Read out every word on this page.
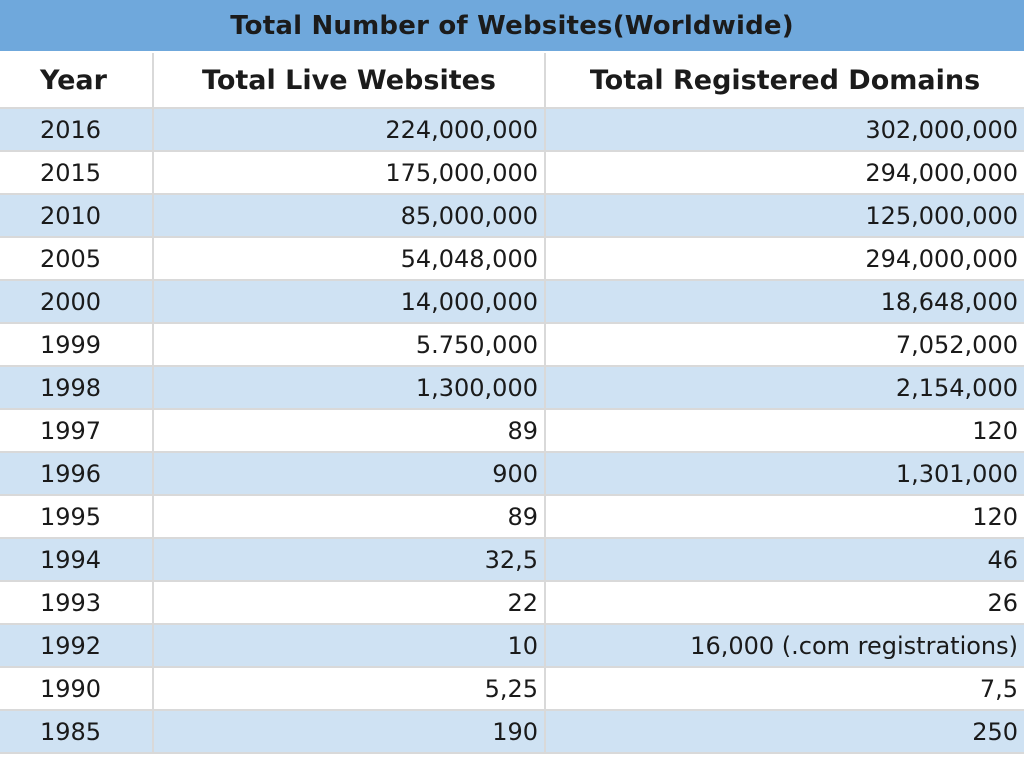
Total Number of Websites(Worldwide)
Year	Total Live Websites	Total Registered Domains
2016	224,000,000	302,000,000
2015	175,000,000	294,000,000
2010	85,000,000	125,000,000
2005	54,048,000	294,000,000
2000	14,000,000	18,648,000
1999	5.750,000	7,052,000
1998	1,300,000	2,154,000
1997	89	120
1996	900	1,301,000
1995	89	120
1994	32,5	46
1993	22	26
1992	10	16,000 (.com registrations)
1990	5,25	7,5
1985	190	250
